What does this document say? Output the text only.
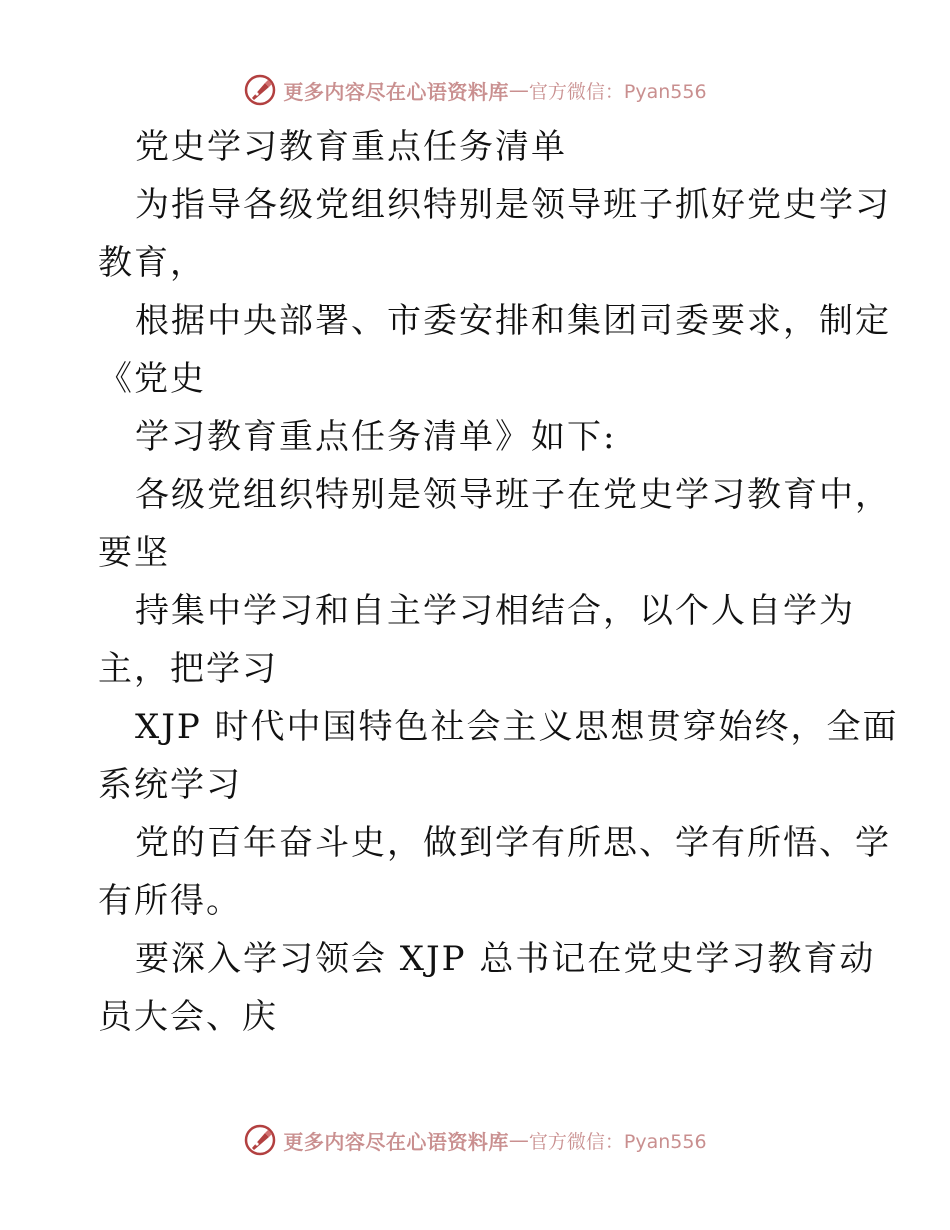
更多内容尽在心语资料库 — 官方微信：Pyan556
党史学习教育重点任务清单
为指导各级党组织特别是领导班子抓好党史学习
教育，
根据中央部署、市委安排和集团司委要求，制定
《党史
学习教育重点任务清单》如下:
各级党组织特别是领导班子在党史学习教育中，
要坚
持集中学习和自主学习相结合，以个人自学为
主，把学习
XJP 时代中国特色社会主义思想贯穿始终，全面
系统学习
党的百年奋斗史，做到学有所思、学有所悟、学
有所得。
要深入学习领会 XJP 总书记在党史学习教育动
员大会、庆
更多内容尽在心语资料库 — 官方微信：Pyan556
